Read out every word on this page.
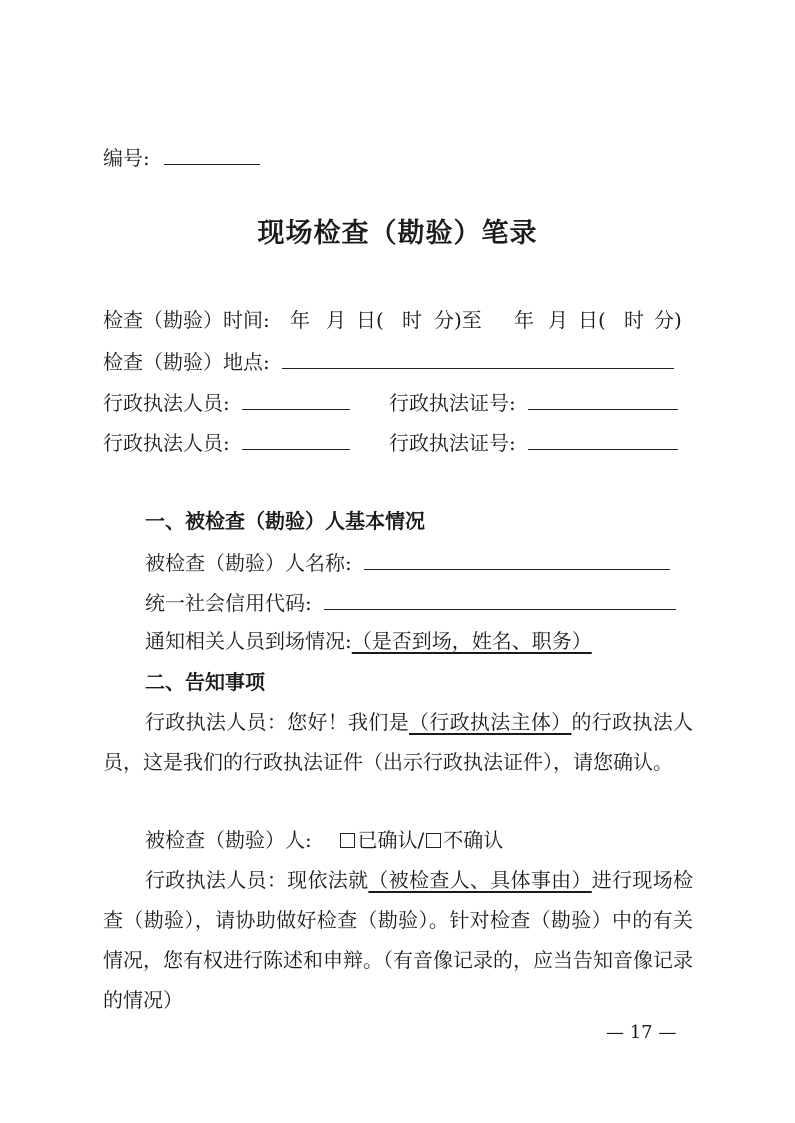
编号:
现场检查（勘验）笔录
检查（勘验）时间: 年 月 日( 时 分)至 年 月 日( 时 分)
检查（勘验）地点:
行政执法人员:	行政执法证号:
行政执法人员:	行政执法证号:
一、被检查（勘验）人基本情况
被检查（勘验）人名称:
统一社会信用代码:
通知相关人员到场情况:（是否到场，姓名、职务）
二、告知事项
行政执法人员：您好！我们是（行政执法主体）的行政执法人员，这是我们的行政执法证件（出示行政执法证件），请您确认。
被检查（勘验）人: 已确认/ 不确认
行政执法人员：现依法就（被检查人、具体事由）进行现场检查（勘验），请协助做好检查（勘验）。针对检查（勘验）中的有关情况，您有权进行陈述和申辩。（有音像记录的，应当告知音像记录的情况）
— 17 —
